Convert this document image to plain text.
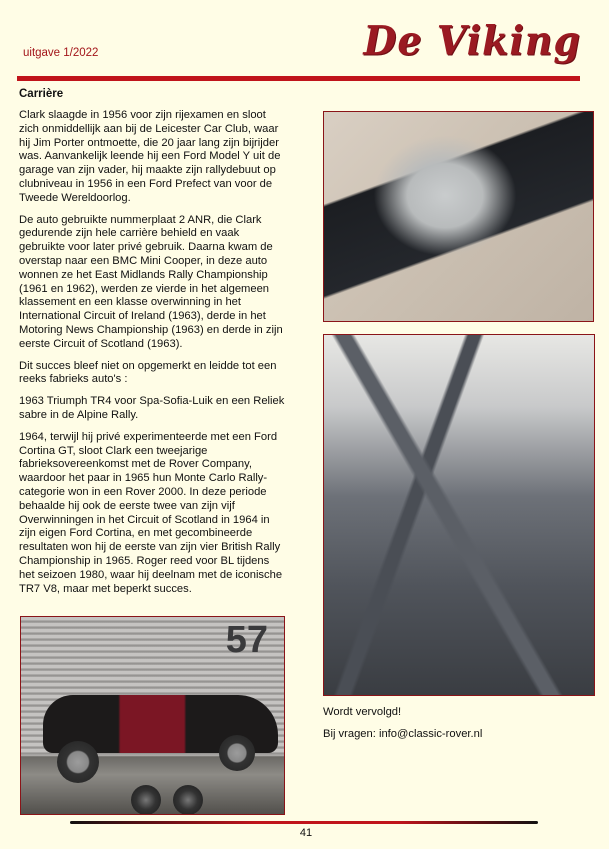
uitgave 1/2022	De Viking
Carrière

Clark slaagde in 1956 voor zijn rijexamen en sloot zich onmiddellijk aan bij de Leicester Car Club, waar hij Jim Porter ontmoette, die 20 jaar lang zijn bijrijder was. Aanvankelijk leende hij een Ford Model Y uit de garage van zijn vader, hij maakte zijn rallydebuut op clubniveau in 1956 in een Ford Prefect van voor de Tweede Wereldoorlog.

De auto gebruikte nummerplaat 2 ANR, die Clark gedurende zijn hele carrière behield en vaak gebruikte voor later privé gebruik. Daarna kwam de overstap naar een BMC Mini Cooper, in deze auto wonnen ze het East Midlands Rally Championship (1961 en 1962), werden ze vierde in het algemeen klassement en een klasse overwinning in het International Circuit of Ireland (1963), derde in het Motoring News Championship (1963) en derde in zijn eerste Circuit of Scotland (1963).

Dit succes bleef niet on opgemerkt en leidde tot een reeks fabrieks auto's :

1963 Triumph TR4 voor Spa-Sofia-Luik en een Reliek sabre in de Alpine Rally.

1964, terwijl hij privé experimenteerde met een Ford Cortina GT, sloot Clark een tweejarige fabrieksovereenkomst met de Rover Company, waardoor het paar in 1965 hun Monte Carlo Rally-categorie won in een Rover 2000. In deze periode behaalde hij ook de eerste twee van zijn vijf Overwinningen in het Circuit of Scotland in 1964 in zijn eigen Ford Cortina, en met gecombineerde resultaten won hij de eerste van zijn vier British Rally Championship in 1965. Roger reed voor BL tijdens het seizoen 1980, waar hij deelnam met de iconische TR7 V8, maar met beperkt succes.

57
Wordt vervolgd!
Bij vragen: info@classic-rover.nl
41
